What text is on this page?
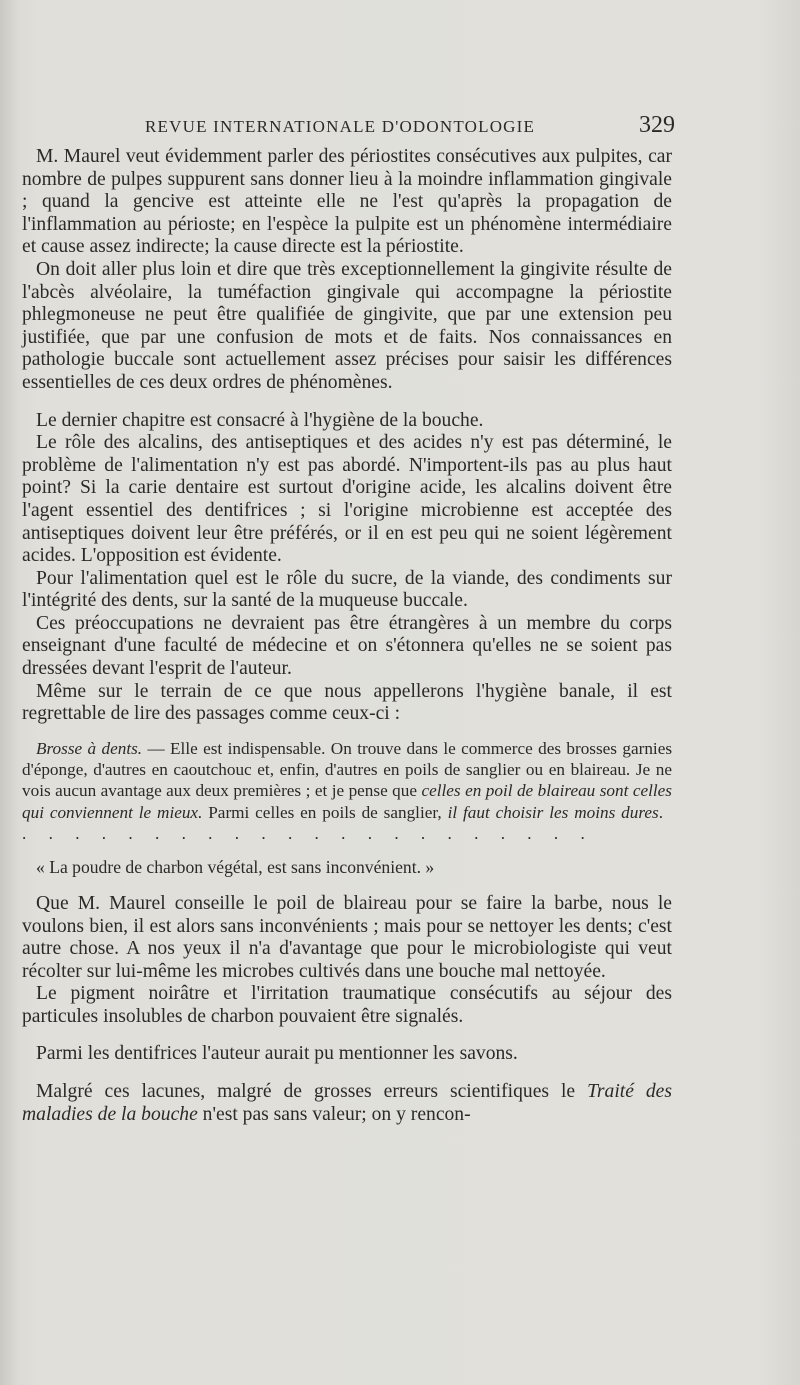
REVUE INTERNATIONALE D'ODONTOLOGIE	329

M. Maurel veut évidemment parler des périostites consécutives aux pulpites, car nombre de pulpes suppurent sans donner lieu à la moindre inflammation gingivale ; quand la gencive est atteinte elle ne l'est qu'après la propagation de l'inflammation au périoste; en l'espèce la pulpite est un phénomène intermédiaire et cause assez indirecte; la cause directe est la périostite.

On doit aller plus loin et dire que très exceptionnellement la gingivite résulte de l'abcès alvéolaire, la tuméfaction gingivale qui accompagne la périostite phlegmoneuse ne peut être qualifiée de gingivite, que par une extension peu justifiée, que par une confusion de mots et de faits. Nos connaissances en pathologie buccale sont actuellement assez précises pour saisir les différences essentielles de ces deux ordres de phénomènes.

Le dernier chapitre est consacré à l'hygiène de la bouche.

Le rôle des alcalins, des antiseptiques et des acides n'y est pas déterminé, le problème de l'alimentation n'y est pas abordé. N'importent-ils pas au plus haut point? Si la carie dentaire est surtout d'origine acide, les alcalins doivent être l'agent essentiel des dentifrices ; si l'origine microbienne est acceptée des antiseptiques doivent leur être préférés, or il en est peu qui ne soient légèrement acides. L'opposition est évidente.

Pour l'alimentation quel est le rôle du sucre, de la viande, des condiments sur l'intégrité des dents, sur la santé de la muqueuse buccale.

Ces préoccupations ne devraient pas être étrangères à un membre du corps enseignant d'une faculté de médecine et on s'étonnera qu'elles ne se soient pas dressées devant l'esprit de l'auteur.

Même sur le terrain de ce que nous appellerons l'hygiène banale, il est regrettable de lire des passages comme ceux-ci :

Brosse à dents. — Elle est indispensable. On trouve dans le commerce des brosses garnies d'éponge, d'autres en caoutchouc et, enfin, d'autres en poils de sanglier ou en blaireau. Je ne vois aucun avantage aux deux premières ; et je pense que celles en poil de blaireau sont celles qui conviennent le mieux. Parmi celles en poils de sanglier, il faut choisir les moins dures. . . . . . . . . . . . . . . . . . . . . . .

« La poudre de charbon végétal, est sans inconvénient. »

Que M. Maurel conseille le poil de blaireau pour se faire la barbe, nous le voulons bien, il est alors sans inconvénients ; mais pour se nettoyer les dents; c'est autre chose. A nos yeux il n'a d'avantage que pour le microbiologiste qui veut récolter sur lui-même les microbes cultivés dans une bouche mal nettoyée.

Le pigment noirâtre et l'irritation traumatique consécutifs au séjour des particules insolubles de charbon pouvaient être signalés.

Parmi les dentifrices l'auteur aurait pu mentionner les savons.

Malgré ces lacunes, malgré de grosses erreurs scientifiques le Traité des maladies de la bouche n'est pas sans valeur; on y rencon-
